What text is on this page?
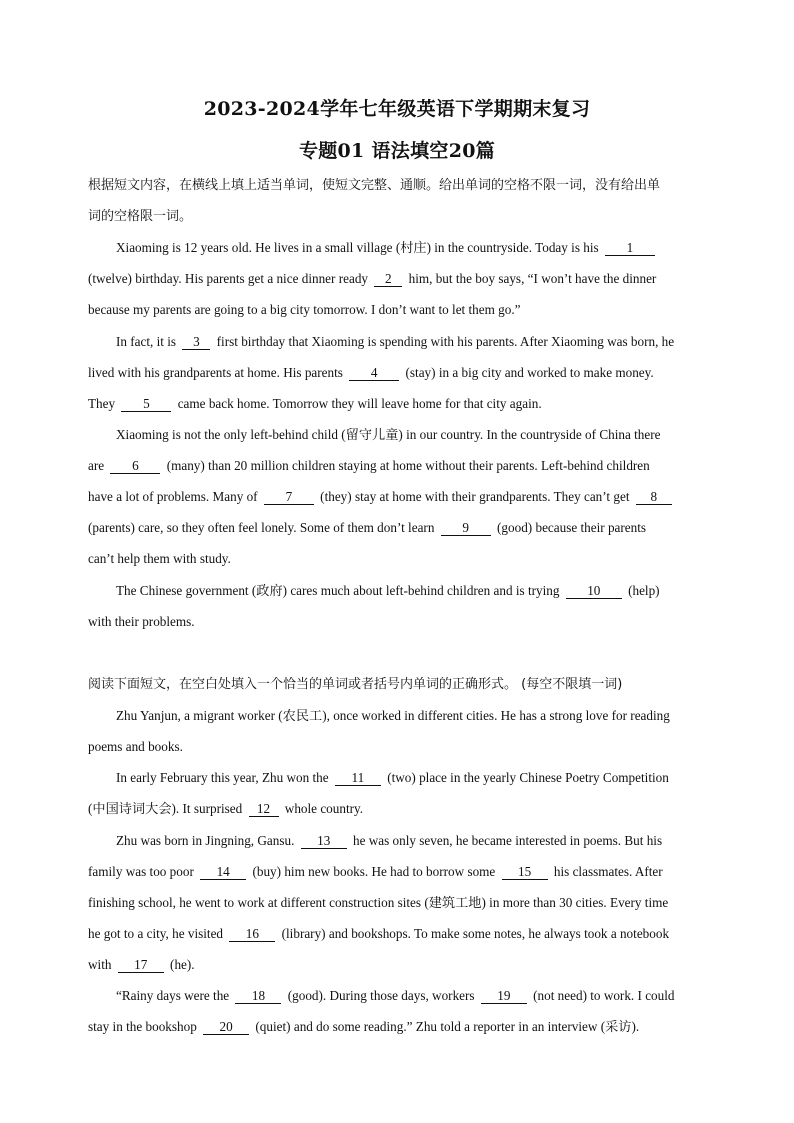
2023-2024学年七年级英语下学期期末复习
专题01 语法填空20篇
根据短文内容，在横线上填上适当单词，使短文完整、通顺。给出单词的空格不限一词，没有给出单
词的空格限一词。
Xiaoming is 12 years old. He lives in a small village (村庄) in the countryside. Today is his 1
(twelve) birthday. His parents get a nice dinner ready 2 him, but the boy says, “I won’t have the dinner
because my parents are going to a big city tomorrow. I don’t want to let them go.”
In fact, it is 3 first birthday that Xiaoming is spending with his parents. After Xiaoming was born, he
lived with his grandparents at home. His parents 4 (stay) in a big city and worked to make money.
They 5 came back home. Tomorrow they will leave home for that city again.
Xiaoming is not the only left-behind child (留守儿童) in our country. In the countryside of China there
are 6 (many) than 20 million children staying at home without their parents. Left-behind children
have a lot of problems. Many of 7 (they) stay at home with their grandparents. They can’t get 8
(parents) care, so they often feel lonely. Some of them don’t learn 9 (good) because their parents
can’t help them with study.
The Chinese government (政府) cares much about left-behind children and is trying 10 (help)
with their problems.
阅读下面短文，在空白处填入一个恰当的单词或者括号内单词的正确形式。 (每空不限填一词)
Zhu Yanjun, a migrant worker (农民工), once worked in different cities. He has a strong love for reading
poems and books.
In early February this year, Zhu won the 11 (two) place in the yearly Chinese Poetry Competition
(中国诗词大会). It surprised 12 whole country.
Zhu was born in Jingning, Gansu. 13 he was only seven, he became interested in poems. But his
family was too poor 14 (buy) him new books. He had to borrow some 15 his classmates. After
finishing school, he went to work at different construction sites (建筑工地) in more than 30 cities. Every time
he got to a city, he visited 16 (library) and bookshops. To make some notes, he always took a notebook
with 17 (he).
“Rainy days were the 18 (good). During those days, workers 19 (not need) to work. I could
stay in the bookshop 20 (quiet) and do some reading.” Zhu told a reporter in an interview (采访).
